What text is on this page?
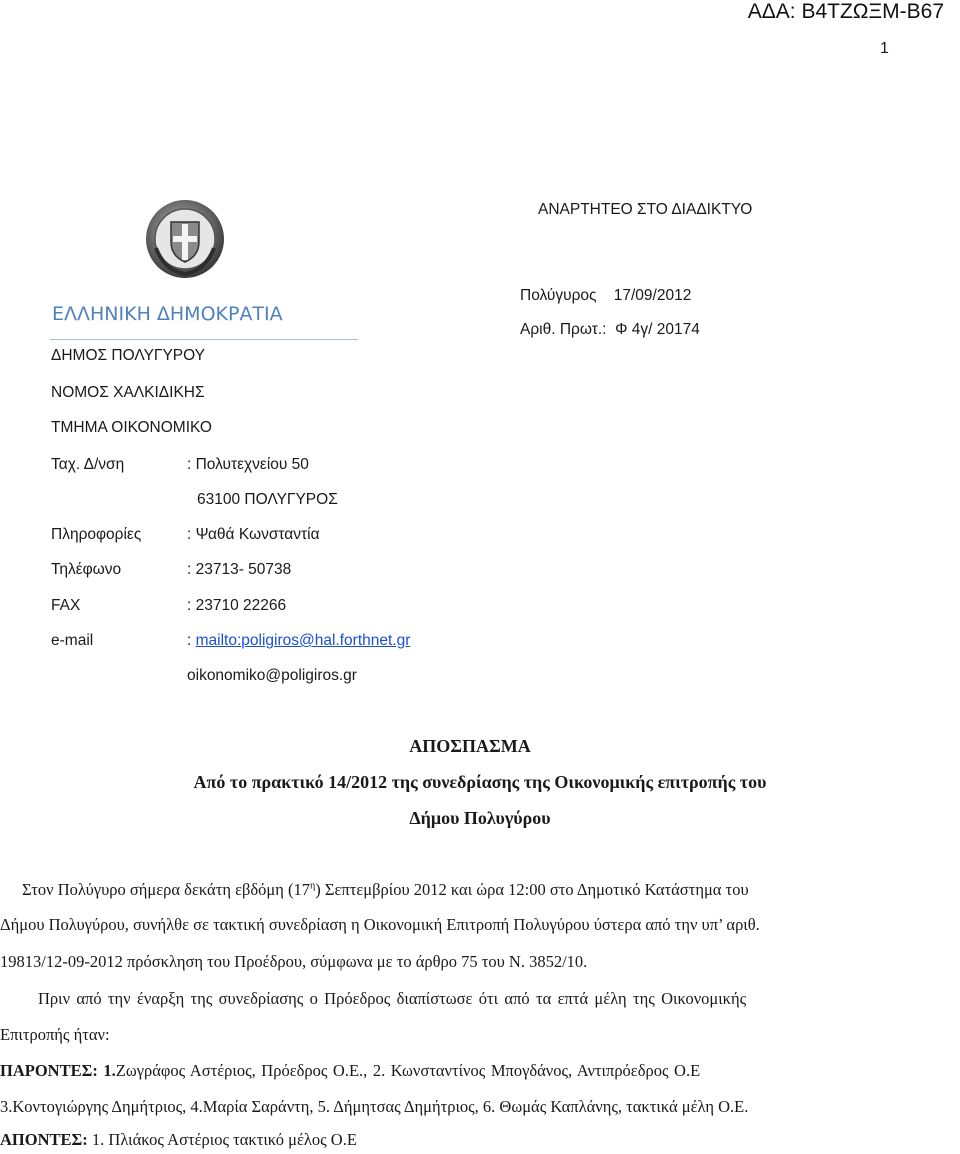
ΑΔΑ: Β4ΤΖΩΞΜ-Β67
1
ΑΝΑΡΤΗΤΕΟ ΣΤΟ ΔΙΑΔΙΚΤΥΟ
ΕΛΛΗΝΙΚΗ ΔΗΜΟΚΡΑΤΙΑ
ΔΗΜΟΣ ΠΟΛΥΓΥΡΟΥ
ΝΟΜΟΣ ΧΑΛΚΙΔΙΚΗΣ
ΤΜΗΜΑ ΟΙΚΟΝΟΜΙΚΟ
Ταχ. Δ/νση	: Πολυτεχνείου 50
63100 ΠΟΛΥΓΥΡΟΣ
Πληροφορίες	: Ψαθά Κωνσταντία
Τηλέφωνο	: 23713- 50738
FAX	: 23710 22266
e-mail	: mailto:poligiros@hal.forthnet.gr
oikonomiko@poligiros.gr
Πολύγυρος    17/09/2012
Αριθ. Πρωτ.:  Φ 4γ/ 20174
ΑΠΟΣΠΑΣΜΑ
Από το πρακτικό 14/2012 της συνεδρίασης της Οικονομικής επιτροπής του
Δήμου Πολυγύρου
Στον Πολύγυρο σήμερα δεκάτη εβδόμη $(17^\eta)$ Σεπτεμβρίου 2012 και ώρα 12:00 στο Δημοτικό Κατάστημα του
Δήμου Πολυγύρου, συνήλθε σε τακτική συνεδρίαση η Οικονομική Επιτροπή Πολυγύρου ύστερα από την υπ’ αριθ.
19813/12-09-2012 πρόσκληση του Προέδρου, σύμφωνα με το άρθρο 75 του Ν. 3852/10.
Πριν από την έναρξη της συνεδρίασης ο Πρόεδρος διαπίστωσε ότι από τα επτά μέλη της Οικονομικής
Επιτροπής ήταν:
ΠΑΡΟΝΤΕΣ: 1.Ζωγράφος Αστέριος, Πρόεδρος Ο.Ε., 2. Κωνσταντίνος Μπογδάνος, Αντιπρόεδρος Ο.Ε
3.Κοντογιώργης Δημήτριος, 4.Μαρία Σαράντη, 5. Δήμητσας Δημήτριος, 6. Θωμάς Καπλάνης, τακτικά μέλη Ο.Ε.
ΑΠΟΝΤΕΣ: 1. Πλιάκος Αστέριος τακτικό μέλος Ο.Ε
